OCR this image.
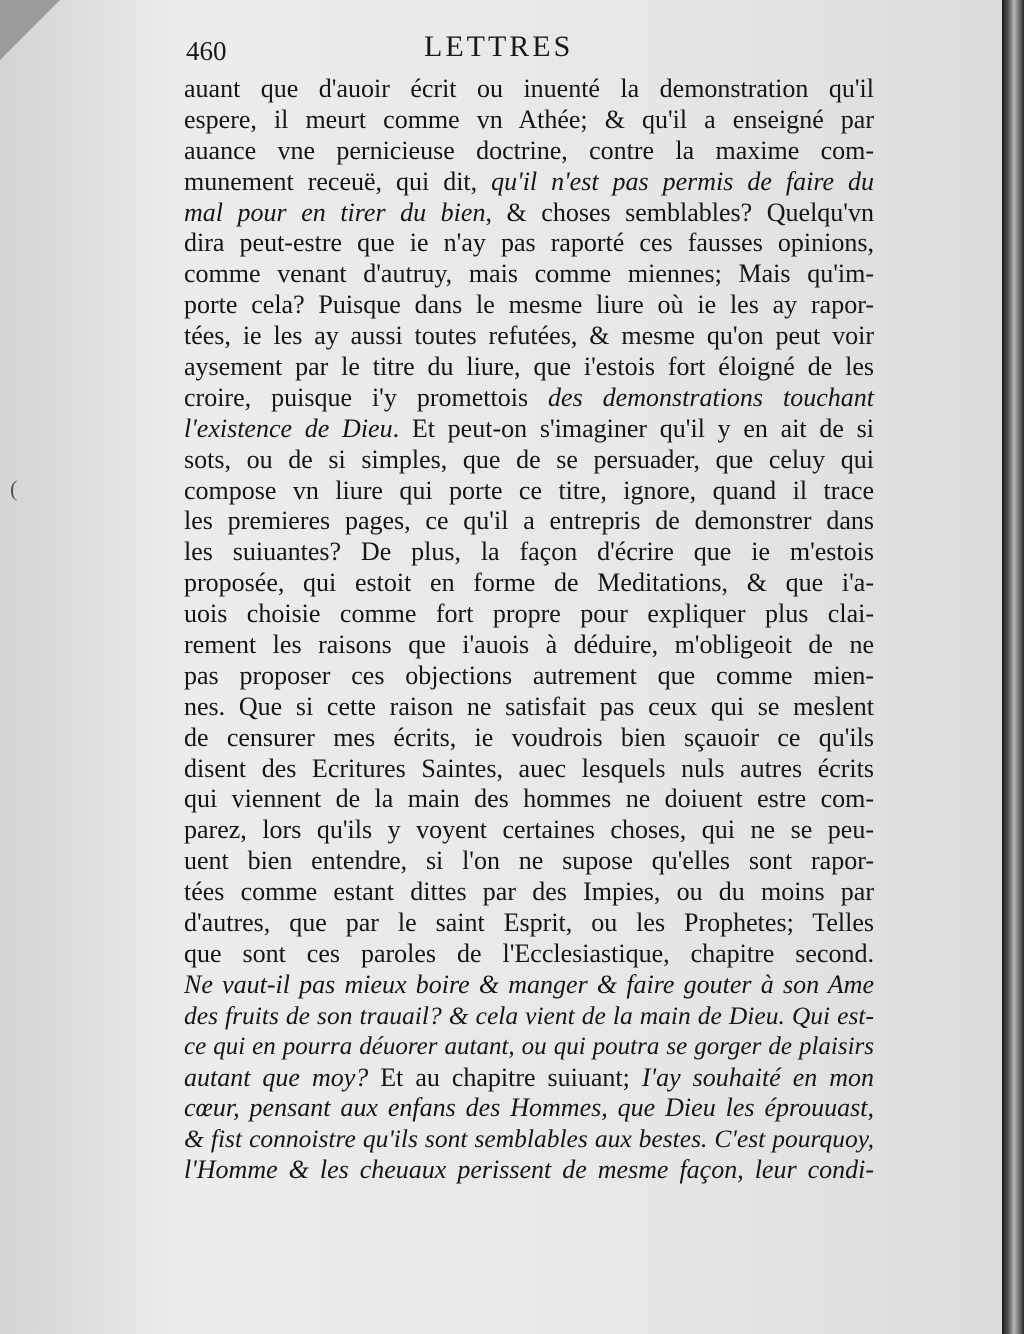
460	LETTRES
(
auant que d'auoir écrit ou inuenté la demonstration qu'il
espere, il meurt comme vn Athée; & qu'il a enseigné par
auance vne pernicieuse doctrine, contre la maxime com-
munement receuë, qui dit, qu'il n'est pas permis de faire du
mal pour en tirer du bien, & choses semblables? Quelqu'vn
dira peut-estre que ie n'ay pas raporté ces fausses opinions,
comme venant d'autruy, mais comme miennes; Mais qu'im-
porte cela? Puisque dans le mesme liure où ie les ay rapor-
tées, ie les ay aussi toutes refutées, & mesme qu'on peut voir
aysement par le titre du liure, que i'estois fort éloigné de les
croire, puisque i'y promettois des demonstrations touchant
l'existence de Dieu. Et peut-on s'imaginer qu'il y en ait de si
sots, ou de si simples, que de se persuader, que celuy qui
compose vn liure qui porte ce titre, ignore, quand il trace
les premieres pages, ce qu'il a entrepris de demonstrer dans
les suiuantes? De plus, la façon d'écrire que ie m'estois
proposée, qui estoit en forme de Meditations, & que i'a-
uois choisie comme fort propre pour expliquer plus clai-
rement les raisons que i'auois à déduire, m'obligeoit de ne
pas proposer ces objections autrement que comme mien-
nes. Que si cette raison ne satisfait pas ceux qui se meslent
de censurer mes écrits, ie voudrois bien sçauoir ce qu'ils
disent des Ecritures Saintes, auec lesquels nuls autres écrits
qui viennent de la main des hommes ne doiuent estre com-
parez, lors qu'ils y voyent certaines choses, qui ne se peu-
uent bien entendre, si l'on ne supose qu'elles sont rapor-
tées comme estant dittes par des Impies, ou du moins par
d'autres, que par le saint Esprit, ou les Prophetes; Telles
que sont ces paroles de l'Ecclesiastique, chapitre second.
Ne vaut-il pas mieux boire & manger & faire gouter à son Ame
des fruits de son trauail? & cela vient de la main de Dieu. Qui est-
ce qui en pourra déuorer autant, ou qui poutra se gorger de plaisirs
autant que moy? Et au chapitre suiuant; I'ay souhaité en mon
cœur, pensant aux enfans des Hommes, que Dieu les éprouuast,
& fist connoistre qu'ils sont semblables aux bestes. C'est pourquoy,
l'Homme & les cheuaux perissent de mesme façon, leur condi-
